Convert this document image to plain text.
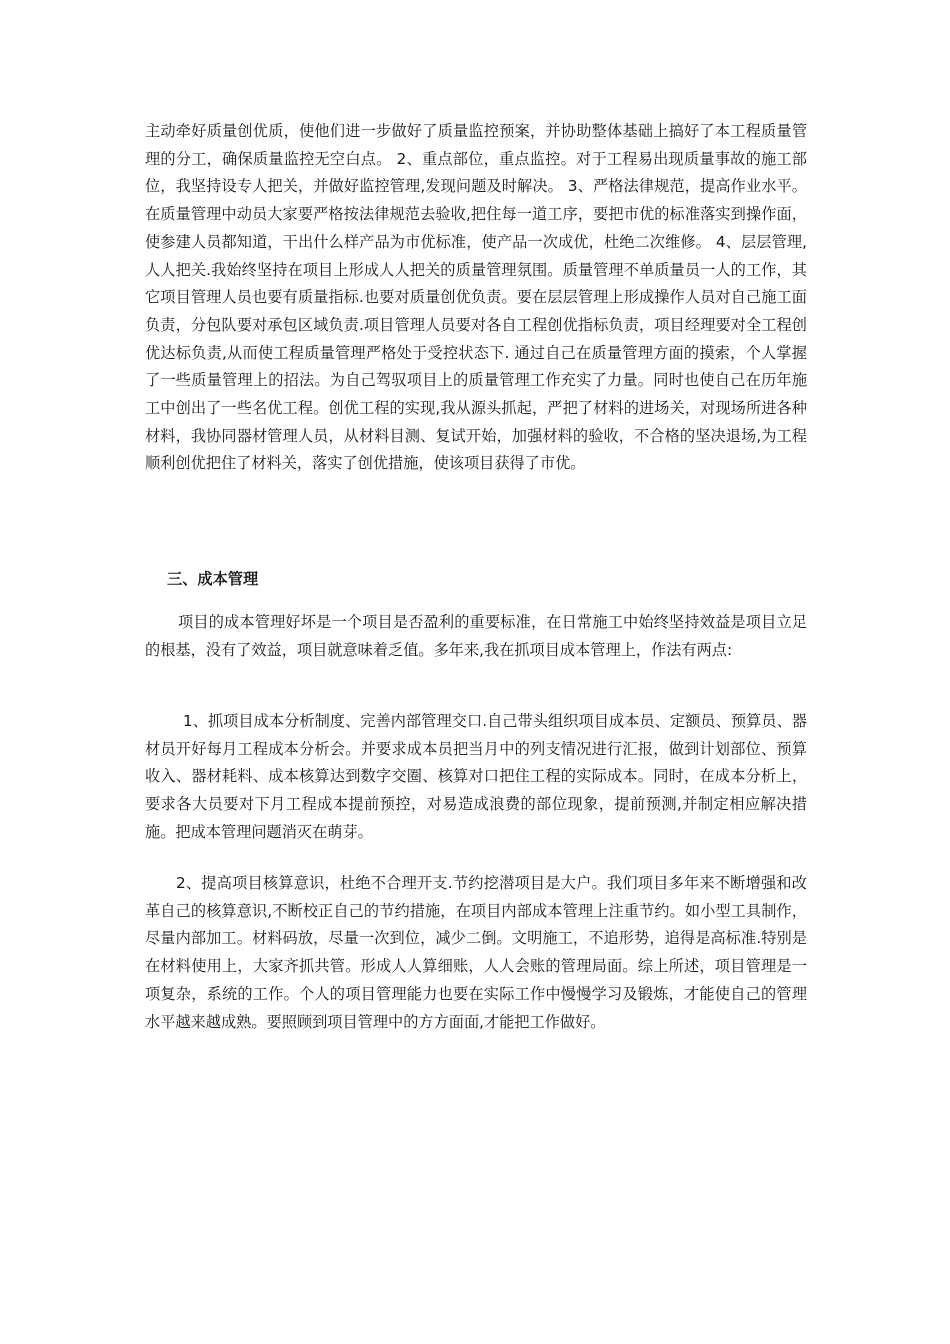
主动牵好质量创优质，使他们进一步做好了质量监控预案，并协助整体基础上搞好了本工程质量管理的分工，确保质量监控无空白点。 2、重点部位，重点监控。对于工程易出现质量事故的施工部位，我坚持设专人把关，并做好监控管理,发现问题及时解决。 3、严格法律规范，提高作业水平。在质量管理中动员大家要严格按法律规范去验收,把住每一道工序，要把市优的标准落实到操作面，使参建人员都知道，干出什么样产品为市优标准，使产品一次成优，杜绝二次维修。 4、层层管理,人人把关.我始终坚持在项目上形成人人把关的质量管理氛围。质量管理不单质量员一人的工作，其它项目管理人员也要有质量指标.也要对质量创优负责。要在层层管理上形成操作人员对自己施工面负责，分包队要对承包区域负责.项目管理人员要对各自工程创优指标负责，项目经理要对全工程创优达标负责,从而使工程质量管理严格处于受控状态下. 通过自己在质量管理方面的摸索，个人掌握了一些质量管理上的招法。为自己驾驭项目上的质量管理工作充实了力量。同时也使自己在历年施工中创出了一些名优工程。创优工程的实现,我从源头抓起，严把了材料的进场关，对现场所进各种材料，我协同器材管理人员，从材料目测、复试开始，加强材料的验收，不合格的坚决退场,为工程顺利创优把住了材料关，落实了创优措施，使该项目获得了市优。

三、成本管理

项目的成本管理好坏是一个项目是否盈利的重要标准，在日常施工中始终坚持效益是项目立足的根基，没有了效益，项目就意味着乏值。多年来,我在抓项目成本管理上，作法有两点:

1、抓项目成本分析制度、完善内部管理交口.自己带头组织项目成本员、定额员、预算员、器材员开好每月工程成本分析会。并要求成本员把当月中的列支情况进行汇报，做到计划部位、预算收入、器材耗料、成本核算达到数字交圈、核算对口把住工程的实际成本。同时，在成本分析上，要求各大员要对下月工程成本提前预控，对易造成浪费的部位现象，提前预测,并制定相应解决措施。把成本管理问题消灭在萌芽。

2、提高项目核算意识，杜绝不合理开支.节约挖潜项目是大户。我们项目多年来不断增强和改革自己的核算意识,不断校正自己的节约措施，在项目内部成本管理上注重节约。如小型工具制作，尽量内部加工。材料码放，尽量一次到位，减少二倒。文明施工，不追形势，追得是高标准.特别是在材料使用上，大家齐抓共管。形成人人算细账，人人会账的管理局面。综上所述，项目管理是一项复杂，系统的工作。个人的项目管理能力也要在实际工作中慢慢学习及锻炼，才能使自己的管理水平越来越成熟。要照顾到项目管理中的方方面面,才能把工作做好。
